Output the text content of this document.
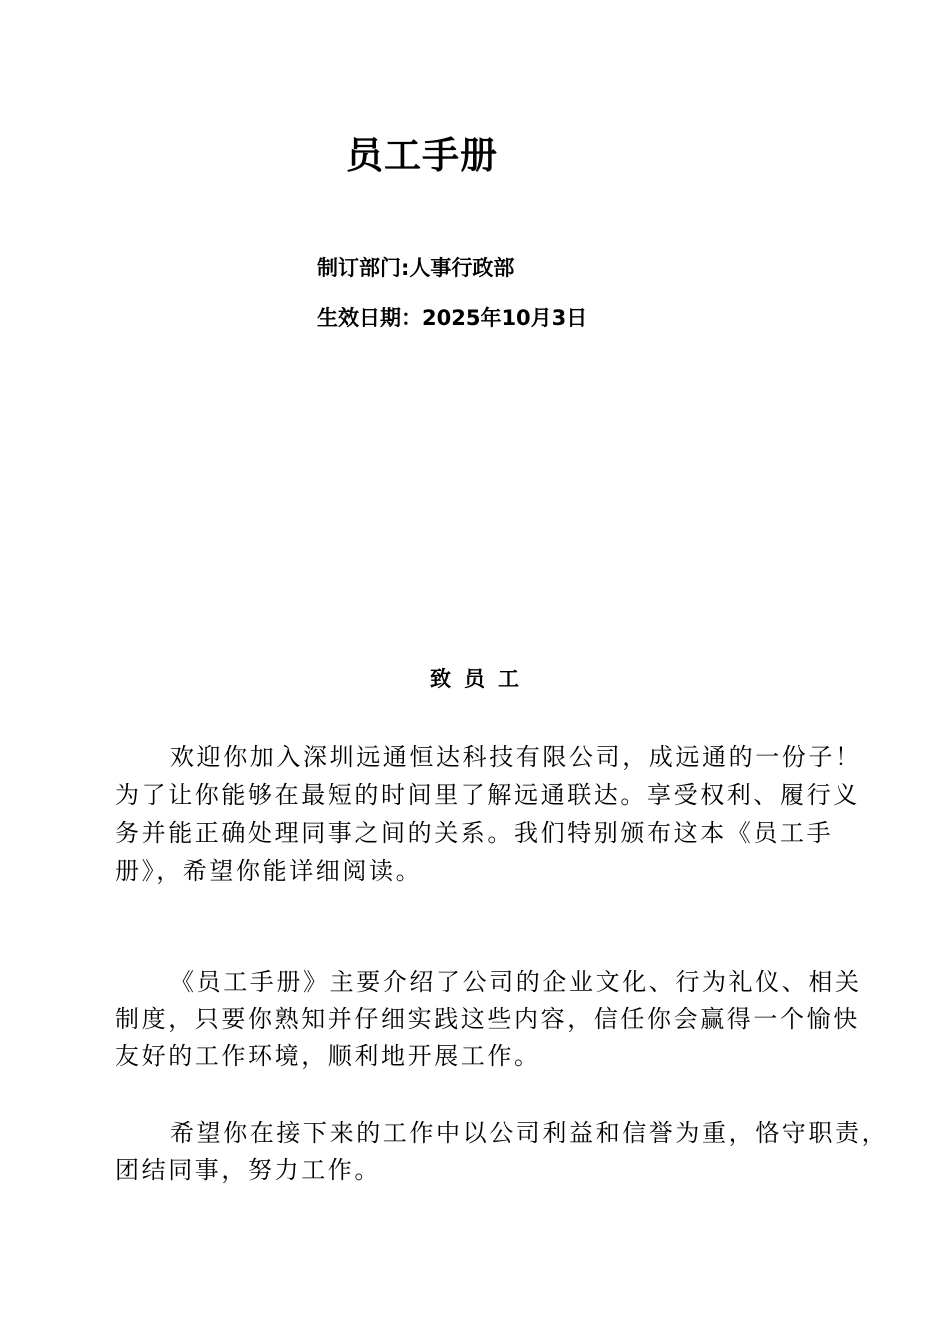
员工手册
制订部门:人事行政部
生效日期：2025年10月3日
致员工
欢迎你加入深圳远通恒达科技有限公司，成远通的一份子！
为了让你能够在最短的时间里了解远通联达。享受权利、履行义
务并能正确处理同事之间的关系。我们特别颁布这本《员工手
册》，希望你能详细阅读。
《员工手册》主要介绍了公司的企业文化、行为礼仪、相关
制度，只要你熟知并仔细实践这些内容，信任你会赢得一个愉快
友好的工作环境，顺利地开展工作。
希望你在接下来的工作中以公司利益和信誉为重，恪守职责，
团结同事，努力工作。
